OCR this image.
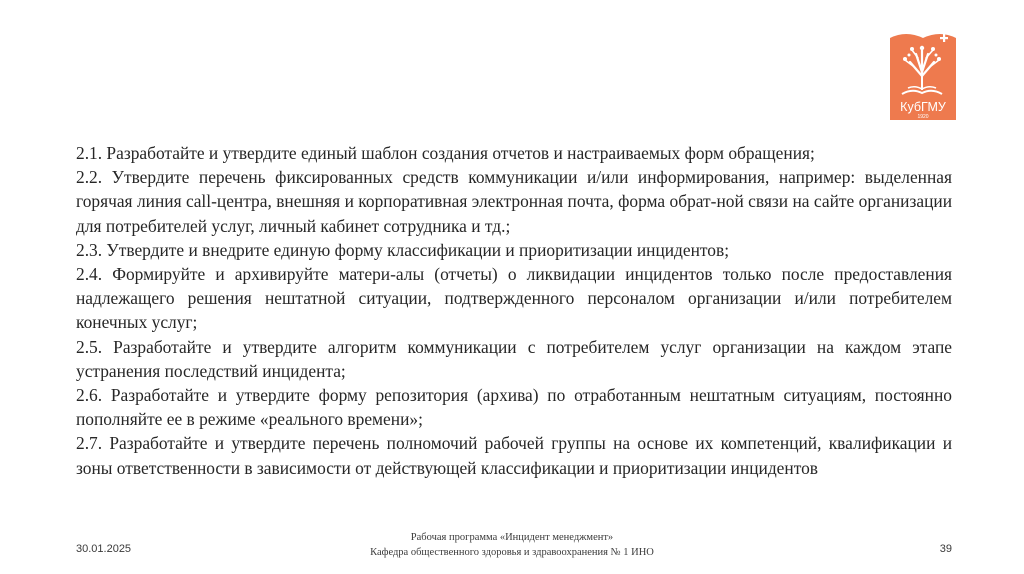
КубГМУ
1920

2.1. Разработайте и утвердите единый шаблон создания отчетов и настраиваемых форм обращения;

2.2. Утвердите перечень фиксированных средств коммуникации и/или информирования, например: выделенная горячая линия call-центра, внешняя и корпоративная электронная почта, форма обрат-ной связи на сайте организации для потребителей услуг, личный кабинет сотрудника и тд.;

2.3. Утвердите и внедрите единую форму классификации и приоритизации инцидентов;

2.4. Формируйте и архивируйте матери-алы (отчеты) о ликвидации инцидентов только после предоставления надлежащего решения нештатной ситуации, подтвержденного персоналом организации и/или потребителем конечных услуг;

2.5. Разработайте и утвердите алгоритм коммуникации с потребителем услуг организации на каждом этапе устранения последствий инцидента;

2.6. Разработайте и утвердите форму репозитория (архива) по отработанным нештатным ситуациям, постоянно пополняйте ее в режиме «реального времени»;

2.7. Разработайте и утвердите перечень полномочий рабочей группы на основе их компетенций, квалификации и зоны ответственности в зависимости от действующей классификации и приоритизации инцидентов

30.01.2025
Рабочая программа «Инцидент менеджмент»
Кафедра общественного здоровья и здравоохранения № 1 ИНО	39
